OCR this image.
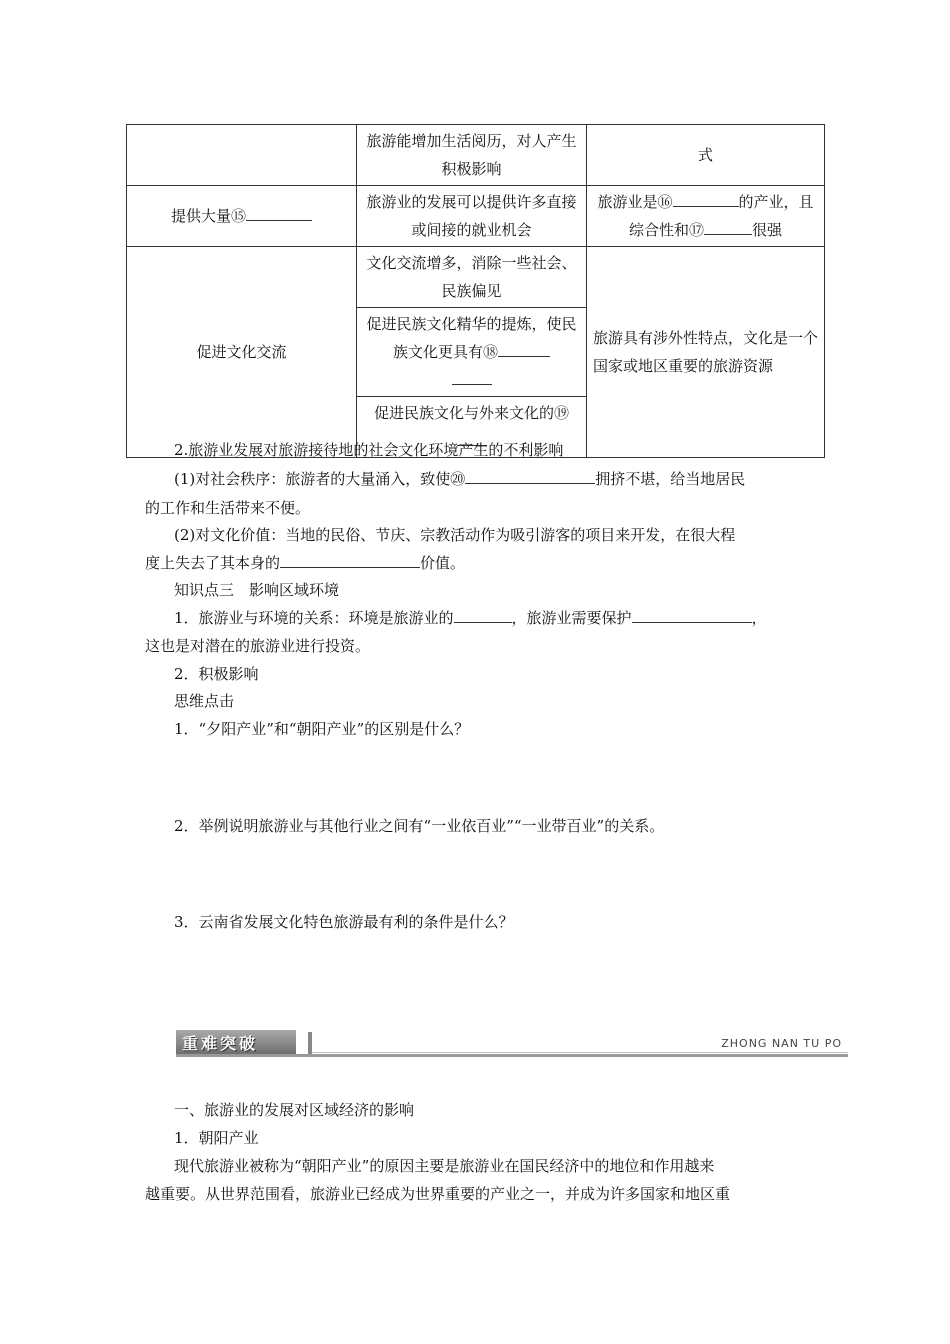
	旅游能增加生活阅历，对人产生积极影响	式
提供大量⑮	旅游业的发展可以提供许多直接或间接的就业机会	旅游业是⑯ 的产业，且综合性和⑰ 很强
促进文化交流	文化交流增多，消除一些社会、民族偏见	旅游具有涉外性特点，文化是一个国家或地区重要的旅游资源
	促进民族文化精华的提炼，使民族文化更具有⑱	

	促进民族文化与外来文化的⑲	

2.旅游业发展对旅游接待地的社会文化环境产生的不利影响
(1)对社会秩序：旅游者的大量涌入，致使⑳	拥挤不堪，给当地居民
的工作和生活带来不便。
(2)对文化价值：当地的民俗、节庆、宗教活动作为吸引游客的项目来开发，在很大程
度上失去了其本身的	价值。
知识点三　影响区域环境
1．旅游业与环境的关系：环境是旅游业的	，旅游业需要保护	，
这也是对潜在的旅游业进行投资。
2．积极影响
思维点击
1．“夕阳产业”和“朝阳产业”的区别是什么？
2．举例说明旅游业与其他行业之间有“一业依百业”“一业带百业”的关系。
3．云南省发展文化特色旅游最有利的条件是什么？
重难突破	ZHONG NAN TU PO
一、旅游业的发展对区域经济的影响
1．朝阳产业
现代旅游业被称为“朝阳产业”的原因主要是旅游业在国民经济中的地位和作用越来
越重要。从世界范围看，旅游业已经成为世界重要的产业之一，并成为许多国家和地区重
